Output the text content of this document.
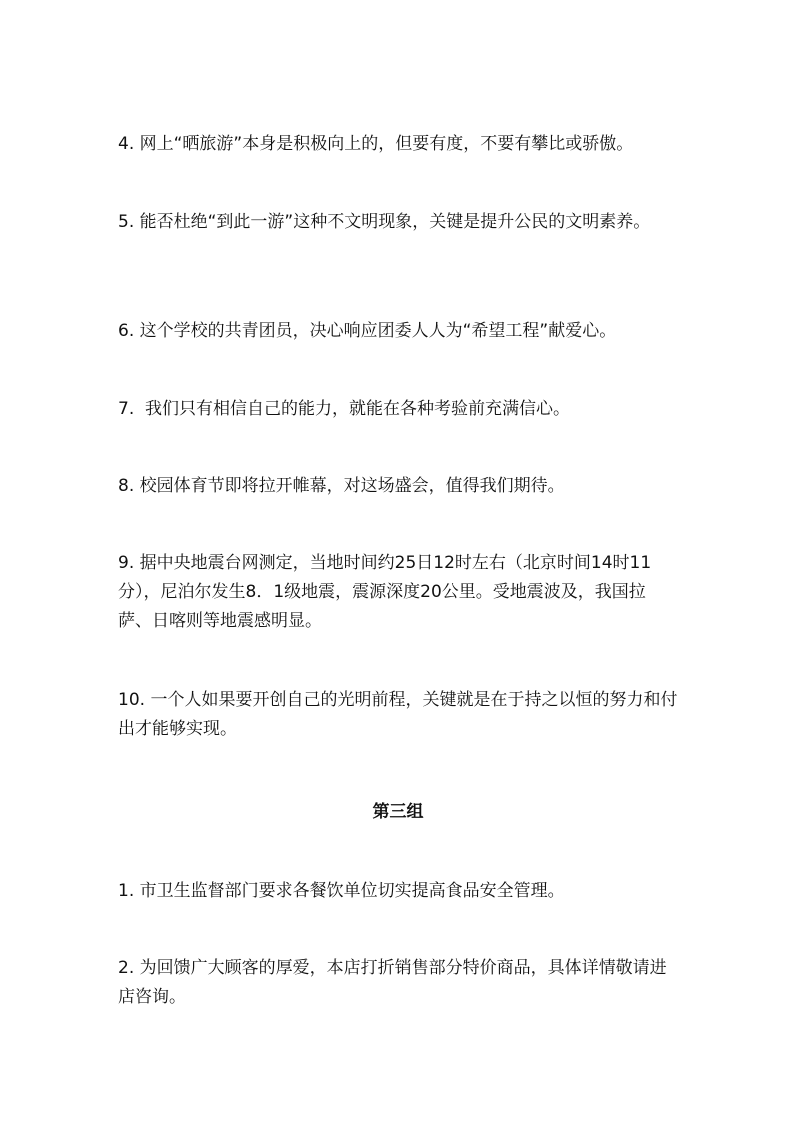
4. 网上“晒旅游”本身是积极向上的，但要有度，不要有攀比或骄傲。

5. 能否杜绝“到此一游”这种不文明现象，关键是提升公民的文明素养。

6. 这个学校的共青团员，决心响应团委人人为“希望工程”献爱心。

7.  我们只有相信自己的能力，就能在各种考验前充满信心。

8. 校园体育节即将拉开帷幕，对这场盛会，值得我们期待。

9. 据中央地震台网测定，当地时间约25日12时左右（北京时间14时11分），尼泊尔发生8．1级地震，震源深度20公里。受地震波及，我国拉萨、日喀则等地震感明显。

10. 一个人如果要开创自己的光明前程，关键就是在于持之以恒的努力和付出才能够实现。

第三组

1. 市卫生监督部门要求各餐饮单位切实提高食品安全管理。

2. 为回馈广大顾客的厚爱，本店打折销售部分特价商品，具体详情敬请进店咨询。
